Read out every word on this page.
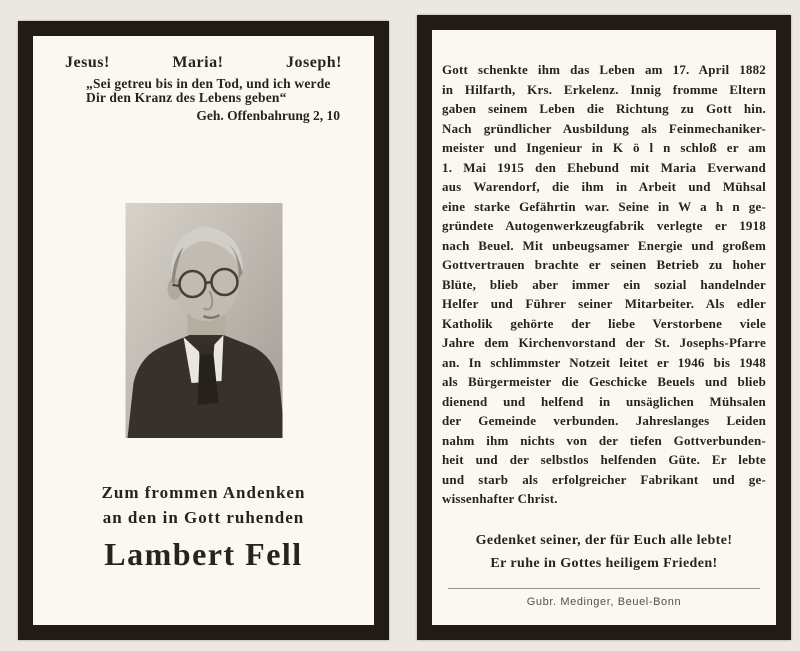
Jesus!	Maria!	Joseph!
„Sei getreu bis in den Tod, und ich werde
Dir den Kranz des Lebens geben“
Geh. Offenbahrung 2, 10
Zum frommen Andenken
an den in Gott ruhenden
Lambert Fell
Gott schenkte ihm das Leben am 17. April 1882
in Hilfarth, Krs. Erkelenz. Innig fromme Eltern
gaben seinem Leben die Richtung zu Gott hin.
Nach gründlicher Ausbildung als Feinmechaniker-
meister und Ingenieur in K ö l n schloß er am
1. Mai 1915 den Ehebund mit Maria Everwand
aus Warendorf, die ihm in Arbeit und Mühsal
eine starke Gefährtin war. Seine in W a h n ge-
gründete Autogenwerkzeugfabrik verlegte er 1918
nach Beuel. Mit unbeugsamer Energie und großem
Gottvertrauen brachte er seinen Betrieb zu hoher
Blüte, blieb aber immer ein sozial handelnder
Helfer und Führer seiner Mitarbeiter. Als edler
Katholik gehörte der liebe Verstorbene viele
Jahre dem Kirchenvorstand der St. Josephs-Pfarre
an. In schlimmster Notzeit leitet er 1946 bis 1948
als Bürgermeister die Geschicke Beuels und blieb
dienend und helfend in unsäglichen Mühsalen
der Gemeinde verbunden. Jahreslanges Leiden
nahm ihm nichts von der tiefen Gottverbunden-
heit und der selbstlos helfenden Güte. Er lebte
und starb als erfolgreicher Fabrikant und ge-
wissenhafter Christ.
Gedenket seiner, der für Euch alle lebte!
Er ruhe in Gottes heiligem Frieden!
Gubr. Medinger, Beuel-Bonn
